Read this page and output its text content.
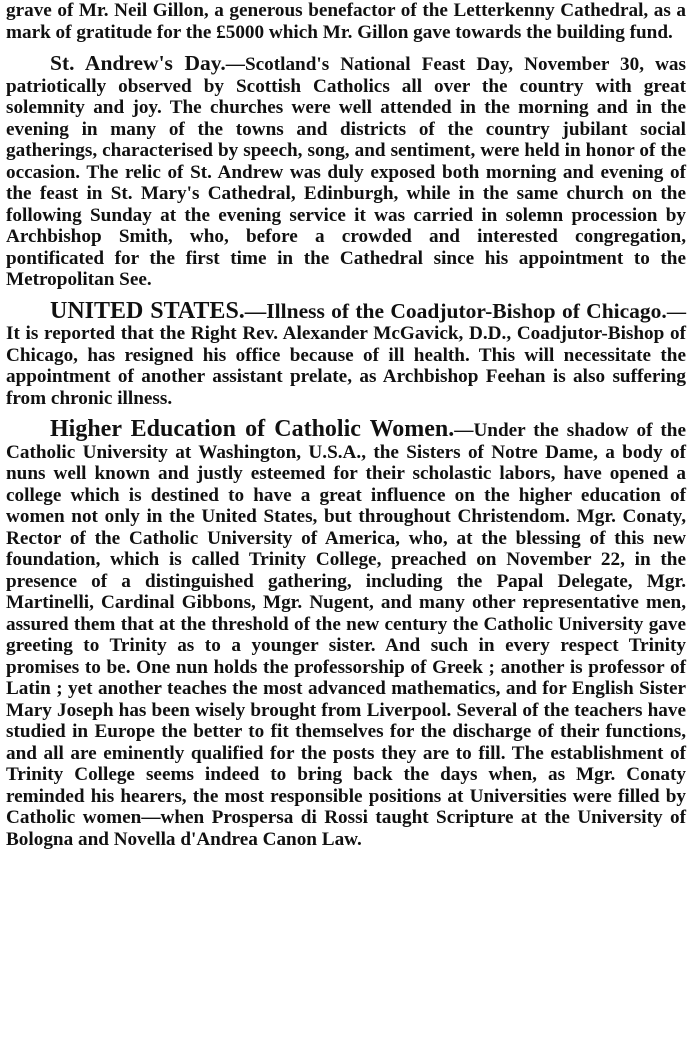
grave of Mr. Neil Gillon, a generous benefactor of the Letterkenny Cathedral, as a mark of gratitude for the £5000 which Mr. Gillon gave towards the building fund.

St. Andrew's Day.—Scotland's National Feast Day, November 30, was patriotically observed by Scottish Catholics all over the country with great solemnity and joy. The churches were well attended in the morning and in the evening in many of the towns and districts of the country jubilant social gatherings, characterised by speech, song, and sentiment, were held in honor of the occasion. The relic of St. Andrew was duly exposed both morning and evening of the feast in St. Mary's Cathedral, Edinburgh, while in the same church on the following Sunday at the evening service it was carried in solemn procession by Archbishop Smith, who, before a crowded and interested congregation, pontificated for the first time in the Cathedral since his appointment to the Metropolitan See.

UNITED STATES.—Illness of the Coadjutor-Bishop of Chicago.—It is reported that the Right Rev. Alexander McGavick, D.D., Coadjutor-Bishop of Chicago, has resigned his office because of ill health. This will necessitate the appointment of another assistant prelate, as Archbishop Feehan is also suffering from chronic illness.

Higher Education of Catholic Women.—Under the shadow of the Catholic University at Washington, U.S.A., the Sisters of Notre Dame, a body of nuns well known and justly esteemed for their scholastic labors, have opened a college which is destined to have a great influence on the higher education of women not only in the United States, but throughout Christendom. Mgr. Conaty, Rector of the Catholic University of America, who, at the blessing of this new foundation, which is called Trinity College, preached on November 22, in the presence of a distinguished gathering, including the Papal Delegate, Mgr. Martinelli, Cardinal Gibbons, Mgr. Nugent, and many other representative men, assured them that at the threshold of the new century the Catholic University gave greeting to Trinity as to a younger sister. And such in every respect Trinity promises to be. One nun holds the professorship of Greek ; another is professor of Latin ; yet another teaches the most advanced mathematics, and for English Sister Mary Joseph has been wisely brought from Liverpool. Several of the teachers have studied in Europe the better to fit themselves for the discharge of their functions, and all are eminently qualified for the posts they are to fill. The establishment of Trinity College seems indeed to bring back the days when, as Mgr. Conaty reminded his hearers, the most responsible positions at Universities were filled by Catholic women—when Prospersa di Rossi taught Scripture at the University of Bologna and Novella d'Andrea Canon Law.
